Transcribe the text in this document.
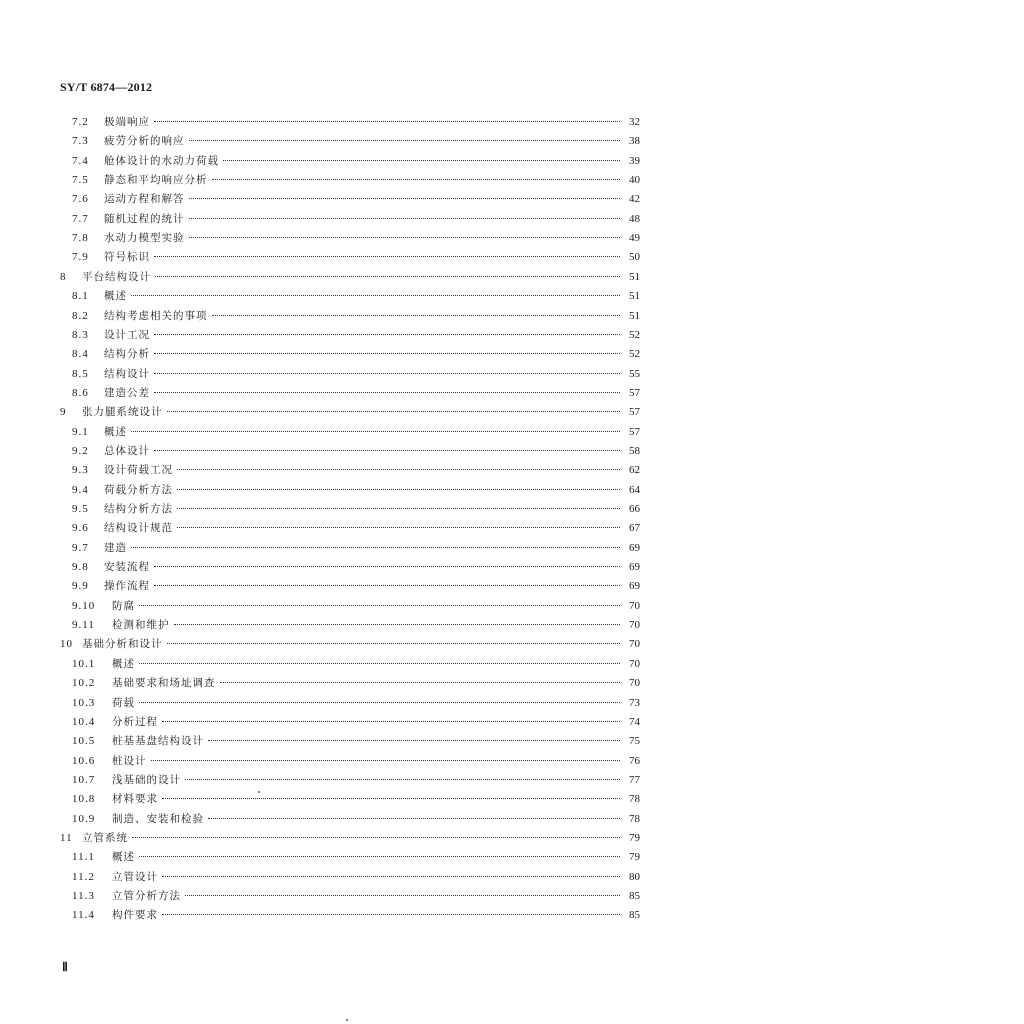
SY/T 6874—2012
7.2	极端响应	32
7.3	疲劳分析的响应	38
7.4	舱体设计的水动力荷载	39
7.5	静态和平均响应分析	40
7.6	运动方程和解答	42
7.7	随机过程的统计	48
7.8	水动力模型实验	49
7.9	符号标识	50
8	平台结构设计	51
8.1	概述	51
8.2	结构考虑相关的事项	51
8.3	设计工况	52
8.4	结构分析	52
8.5	结构设计	55
8.6	建造公差	57
9	张力腿系统设计	57
9.1	概述	57
9.2	总体设计	58
9.3	设计荷载工况	62
9.4	荷载分析方法	64
9.5	结构分析方法	66
9.6	结构设计规范	67
9.7	建造	69
9.8	安装流程	69
9.9	操作流程	69
9.10	防腐	70
9.11	检测和维护	70
10 基础分析和设计	70
10.1	概述	70
10.2	基础要求和场址调查	70
10.3	荷载	73
10.4	分析过程	74
10.5	桩基基盘结构设计	75
10.6	桩设计	76
10.7	浅基础的设计	77
10.8	材料要求	78
10.9	制造、安装和检验	78
11 立管系统	79
11.1	概述	79
11.2	立管设计	80
11.3	立管分析方法	85
11.4	构件要求	85
Ⅱ
